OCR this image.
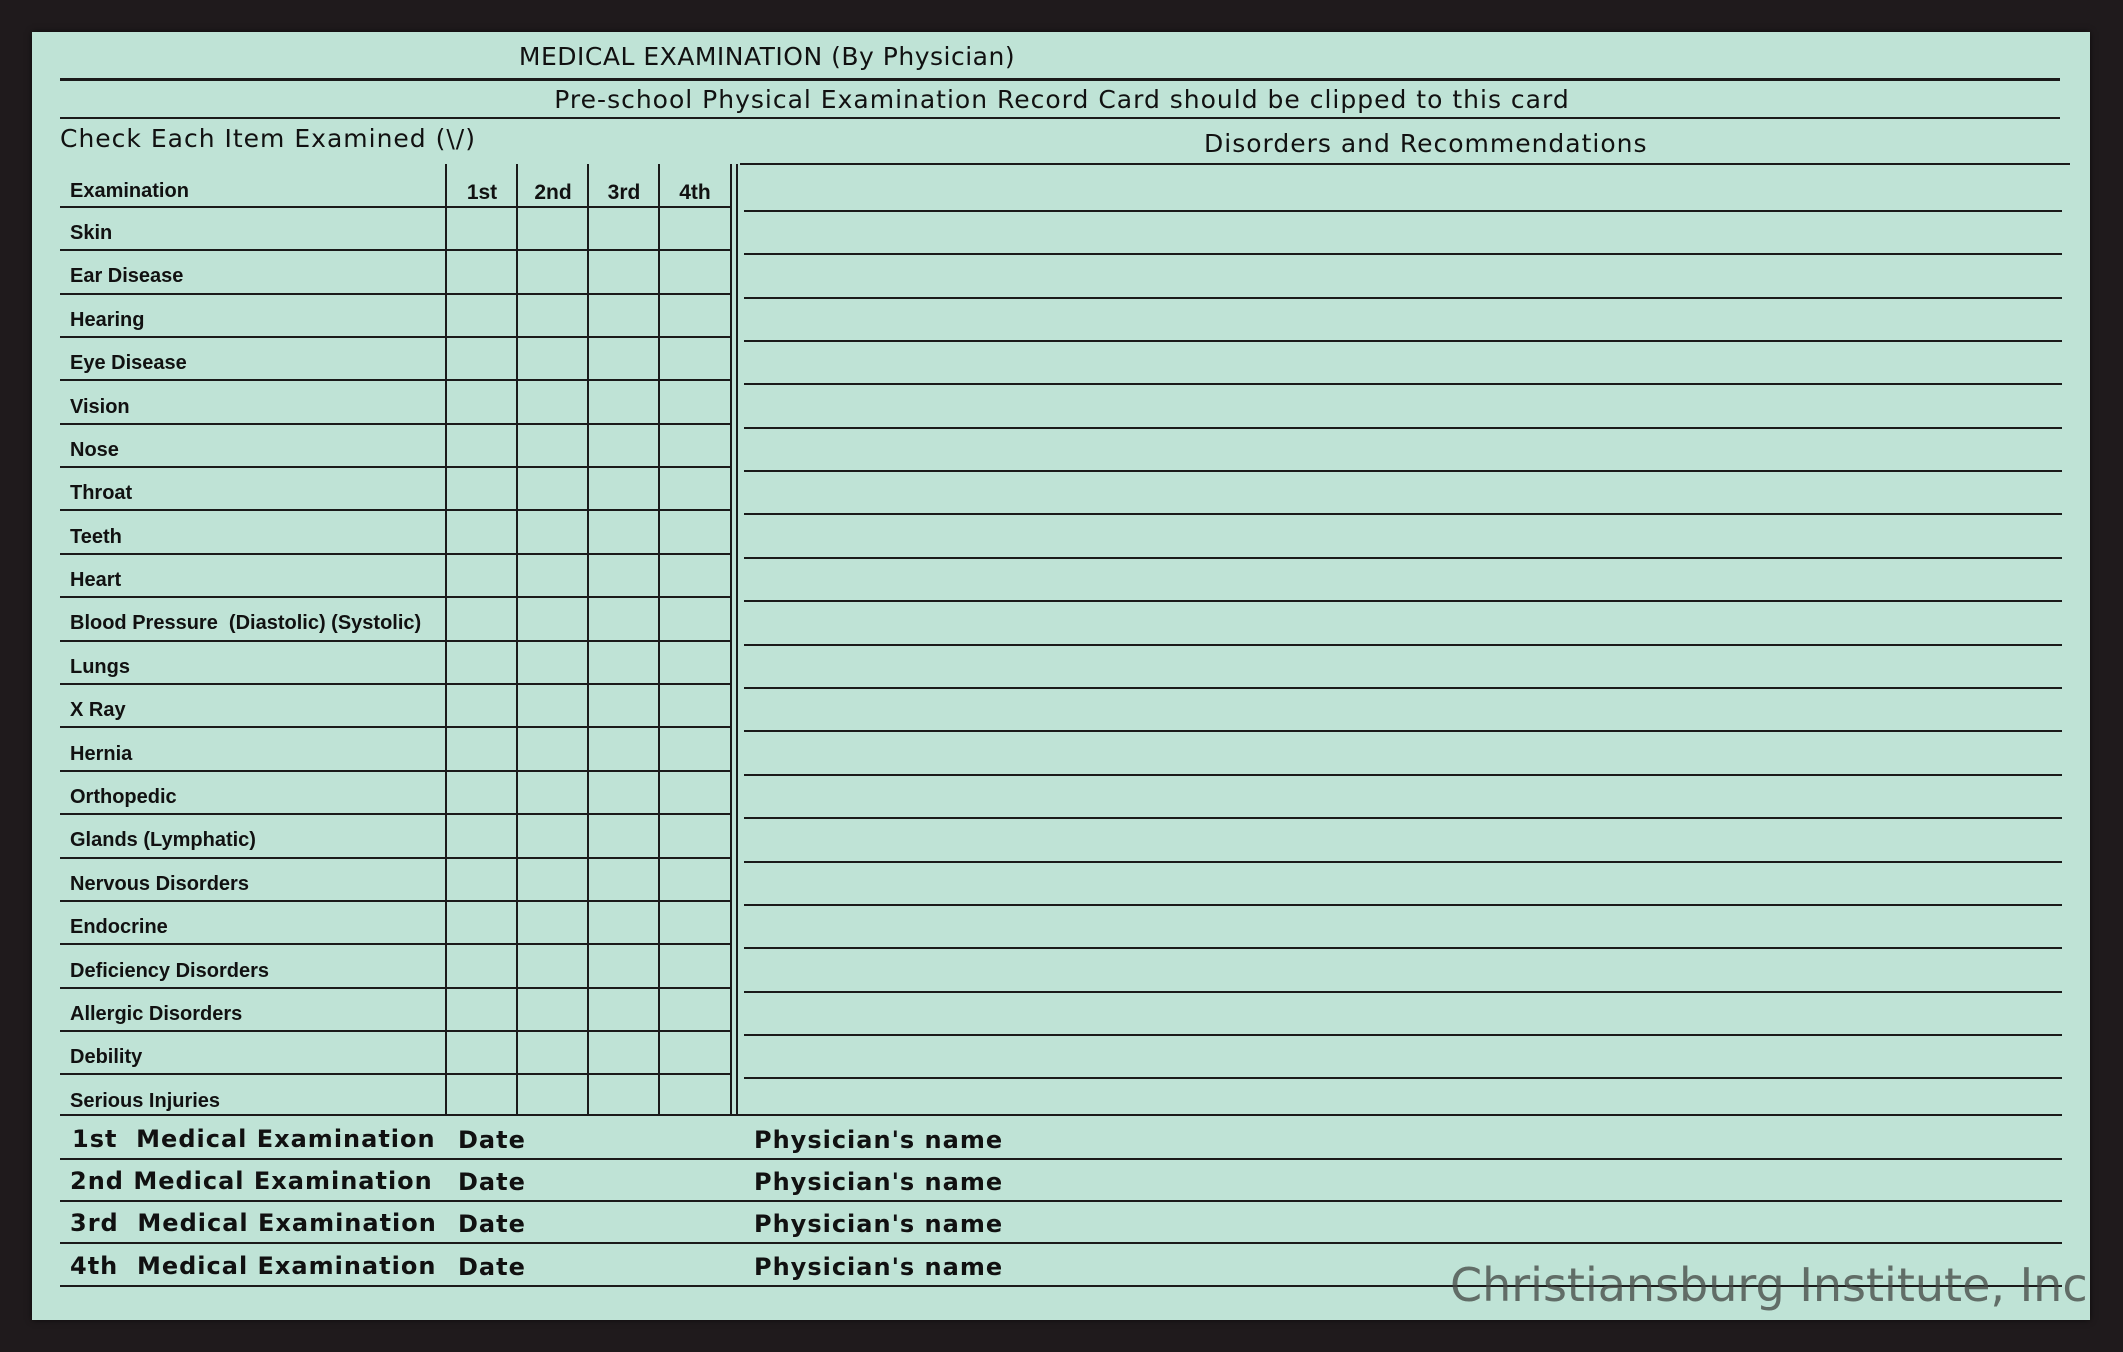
MEDICAL EXAMINATION (By Physician)
Pre-school Physical Examination Record Card should be clipped to this card
Check Each Item Examined (\/)	Disorders and Recommendations
Examination	1st	2nd	3rd	4th
Skin
Ear Disease
Hearing
Eye Disease
Vision
Nose
Throat
Teeth
Heart
Blood Pressure  (Diastolic) (Systolic)
Lungs
X Ray
Hernia
Orthopedic
Glands (Lymphatic)
Nervous Disorders
Endocrine
Deficiency Disorders
Allergic Disorders
Debility
Serious Injuries
1st  Medical Examination Date	Physician's name
2nd Medical Examination Date	Physician's name
3rd  Medical Examination Date	Physician's name
4th  Medical Examination Date	Physician's name	Christiansburg Institute, Inc
